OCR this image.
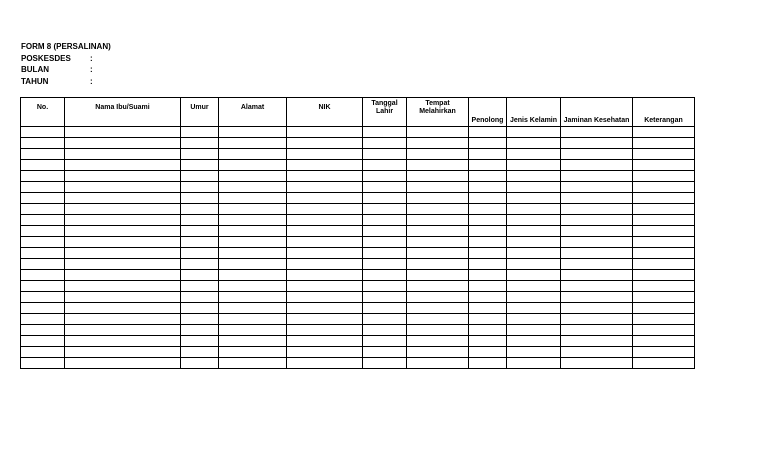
FORM 8 (PERSALINAN)
POSKESDES :
BULAN	:
TAHUN	:
No.	Nama Ibu/Suami	Umur	Alamat	NIK	Tanggal Lahir	Tempat Melahirkan	Penolong	Jenis Kelamin	Jaminan Kesehatan	Keterangan
